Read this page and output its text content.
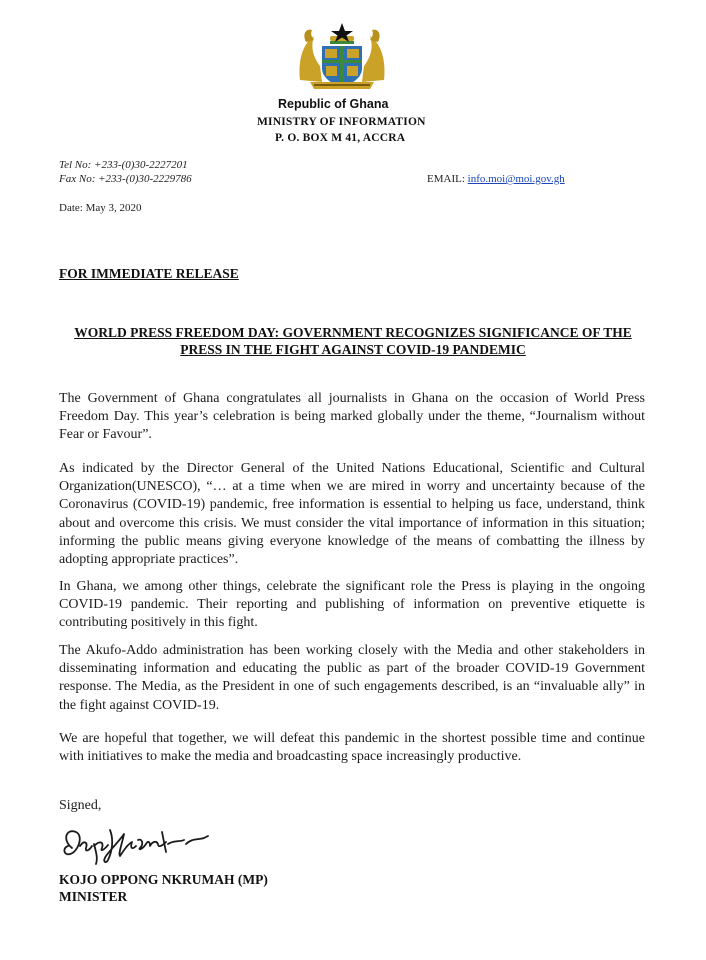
Republic of Ghana
MINISTRY OF INFORMATION
P. O. BOX M 41, ACCRA
Tel No: +233-(0)30-2227201
Fax No: +233-(0)30-2229786	EMAIL: info.moi@moi.gov.gh
Date: May 3, 2020
FOR IMMEDIATE RELEASE
WORLD PRESS FREEDOM DAY: GOVERNMENT RECOGNIZES SIGNIFICANCE OF THE PRESS IN THE FIGHT AGAINST COVID-19 PANDEMIC

The Government of Ghana congratulates all journalists in Ghana on the occasion of World Press Freedom Day. This year’s celebration is being marked globally under the theme, “Journalism without Fear or Favour”.

As indicated by the Director General of the United Nations Educational, Scientific and Cultural Organization(UNESCO), “… at a time when we are mired in worry and uncertainty because of the Coronavirus (COVID-19) pandemic, free information is essential to helping us face, understand, think about and overcome this crisis. We must consider the vital importance of information in this situation; informing the public means giving everyone knowledge of the means of combatting the illness by adopting appropriate practices”.

In Ghana, we among other things, celebrate the significant role the Press is playing in the ongoing COVID-19 pandemic. Their reporting and publishing of information on preventive etiquette is contributing positively in this fight.

The Akufo-Addo administration has been working closely with the Media and other stakeholders in disseminating information and educating the public as part of the broader COVID-19 Government response. The Media, as the President in one of such engagements described, is an “invaluable ally” in the fight against COVID-19.

We are hopeful that together, we will defeat this pandemic in the shortest possible time and continue with initiatives to make the media and broadcasting space increasingly productive.

Signed,
KOJO OPPONG NKRUMAH (MP)
MINISTER
